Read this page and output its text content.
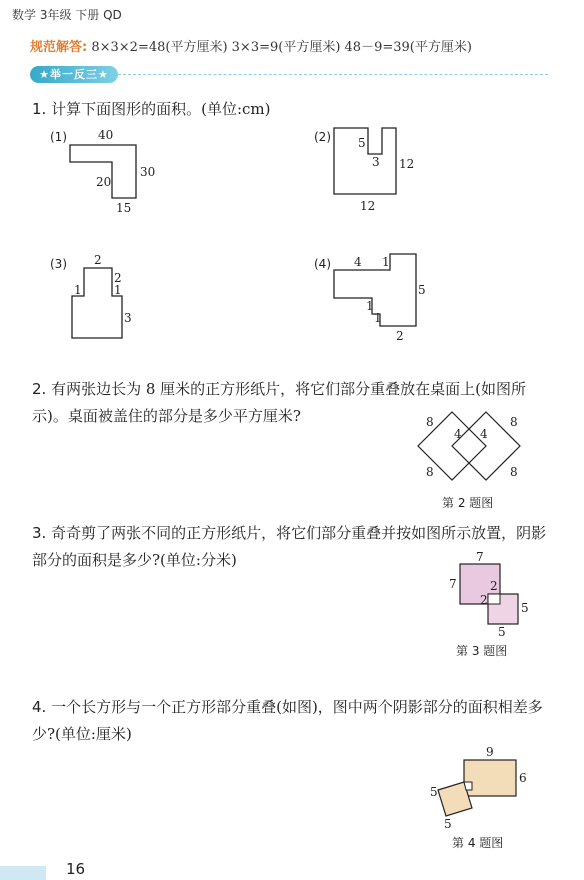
数学 3年级 下册 QD
规范解答: 8×3×2=48(平方厘米) 3×3=9(平方厘米) 48－9=39(平方厘米)
★举一反三★
1. 计算下面图形的面积。(单位:cm)
(1)	40
30
20
15
(2) 5
3 12
12
(3) 2
2
1	1
3
(4) 4 1
5
1
1
2
2. 有两张边长为 8 厘米的正方形纸片，将它们部分重叠放在桌面上(如图所
示)。桌面被盖住的部分是多少平方厘米?	8
4 4
8
8	8
第 2 题图
3. 奇奇剪了两张不同的正方形纸片，将它们部分重叠并按如图所示放置，阴影
部分的面积是多少?(单位:分米)	7
7	2
2
5
5
第 3 题图
4. 一个长方形与一个正方形部分重叠(如图)，图中两个阴影部分的面积相差多
少?(单位:厘米)
9
6
5
5
第 4 题图
16
